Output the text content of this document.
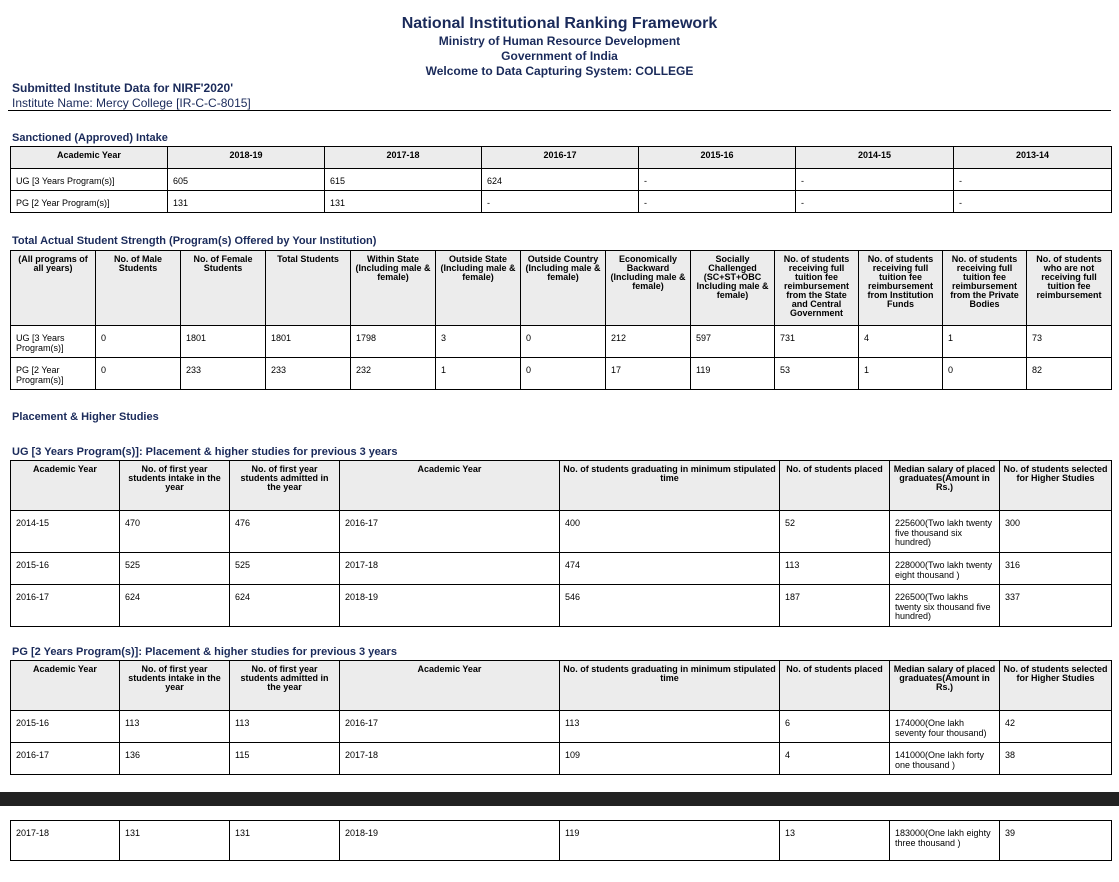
National Institutional Ranking Framework
Ministry of Human Resource Development
Government of India
Welcome to Data Capturing System: COLLEGE
Submitted Institute Data for NIRF'2020'
Institute Name: Mercy College [IR-C-C-8015]
Sanctioned (Approved) Intake
Academic Year	2018-19	2017-18	2016-17	2015-16	2014-15	2013-14
UG [3 Years Program(s)]	605	615	624	-	-	-
PG [2 Year Program(s)]	131	131	-	-	-	-
Total Actual Student Strength (Program(s) Offered by Your Institution)
(All programs of all years)	No. of Male Students	No. of Female Students	Total Students	Within State (Including male & female)	Outside State (Including male & female)	Outside Country (Including male & female)	Economically Backward (Including male & female)	Socially Challenged (SC+ST+OBC Including male & female)	No. of students receiving full tuition fee reimbursement from the State and Central Government	No. of students receiving full tuition fee reimbursement from Institution Funds	No. of students receiving full tuition fee reimbursement from the Private Bodies	No. of students who are not receiving full tuition fee reimbursement
UG [3 Years Program(s)]	0	1801	1801	1798	3	0	212	597	731	4	1	73
PG [2 Year Program(s)]	0	233	233	232	1	0	17	119	53	1	0	82
Placement & Higher Studies
UG [3 Years Program(s)]: Placement & higher studies for previous 3 years
Academic Year	No. of first year students intake in the year	No. of first year students admitted in the year	Academic Year	No. of students graduating in minimum stipulated time	No. of students placed	Median salary of placed graduates(Amount in Rs.)	No. of students selected for Higher Studies
2014-15	470	476	2016-17	400	52	225600(Two lakh twenty five thousand six hundred)	300
2015-16	525	525	2017-18	474	113	228000(Two lakh twenty eight thousand )	316
2016-17	624	624	2018-19	546	187	226500(Two lakhs twenty six thousand five hundred)	337
PG [2 Years Program(s)]: Placement & higher studies for previous 3 years
Academic Year	No. of first year students intake in the year	No. of first year students admitted in the year	Academic Year	No. of students graduating in minimum stipulated time	No. of students placed	Median salary of placed graduates(Amount in Rs.)	No. of students selected for Higher Studies
2015-16	113	113	2016-17	113	6	174000(One lakh seventy four thousand)	42
2016-17	136	115	2017-18	109	4	141000(One lakh forty one thousand )	38
2017-18	131	131	2018-19	119	13	183000(One lakh eighty three thousand )	39
